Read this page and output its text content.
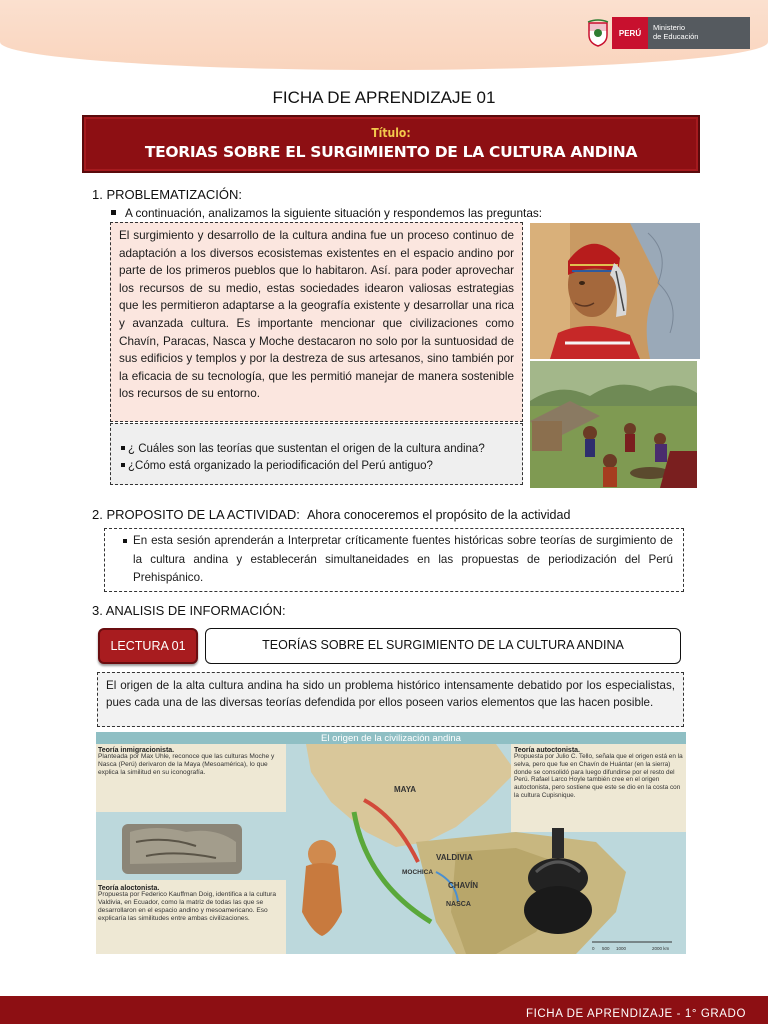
PERÚ
Ministerio
de Educación
FICHA DE APRENDIZAJE 01
Título:
TEORIAS SOBRE EL SURGIMIENTO DE LA CULTURA ANDINA
1. PROBLEMATIZACIÓN:
A continuación, analizamos la siguiente situación y respondemos las preguntas:
El surgimiento y desarrollo de la cultura andina fue un proceso continuo de adaptación a los diversos ecosistemas existentes en el espacio andino por parte de los primeros pueblos que lo habitaron. Así. para poder aprovechar los recursos de su medio, estas sociedades idearon valiosas estrategias que les permitieron adaptarse a la geografía existente y desarrollar una rica y avanzada cultura. Es importante mencionar que civilizaciones como Chavín, Paracas, Nasca y Moche destacaron no solo por la suntuosidad de sus edificios y templos y por la destreza de sus artesanos, sino también por la eficacia de su tecnología, que les permitió manejar de manera sostenible los recursos de su entorno.
¿ Cuáles son las teorías que sustentan el origen de la cultura andina?
¿Cómo está organizado la periodificación del Perú antiguo?
2. PROPOSITO DE LA ACTIVIDAD: Ahora conoceremos el propósito de la actividad
En esta sesión aprenderán a Interpretar críticamente fuentes históricas sobre teorías de surgimiento de la cultura andina y establecerán simultaneidades en las propuestas de periodización del Perú Prehispánico.
3. ANALISIS DE INFORMACIÓN:
LECTURA 01	TEORÍAS SOBRE EL SURGIMIENTO DE LA CULTURA ANDINA
El origen de la alta cultura andina ha sido un problema histórico intensamente debatido por los especialistas, pues cada una de las diversas teorías defendida por ellos poseen varios elementos que las hacen posible.
El origen de la civilización andina
Teoría inmigracionista.
Planteada por Max Uhle, reconoce que las culturas Moche y Nasca (Perú) derivaron de la Maya (Mesoamérica), lo que explica la similitud en su iconografía.
Teoría autoctonista.
Propuesta por Julio C. Tello, señala que el origen está en la selva, pero que fue en Chavín de Huántar (en la sierra) donde se consolidó para luego difundirse por el resto del Perú. Rafael Larco Hoyle también cree en el origen autoctonista, pero sostiene que este se dio en la costa con la cultura Cupisnique.
Teoría aloctonista.
Propuesta por Federico Kauffman Doig, identifica a la cultura Valdivia, en Ecuador, como la matriz de todas las que se desarrollaron en el espacio andino y mesoamericano. Eso explicaría las similitudes entre ambas civilizaciones.
MAYA
VALDIVIA
MOCHICA
CHAVÍN
NASCA
0 500 1000	2000 km
FICHA DE APRENDIZAJE - 1° GRADO
